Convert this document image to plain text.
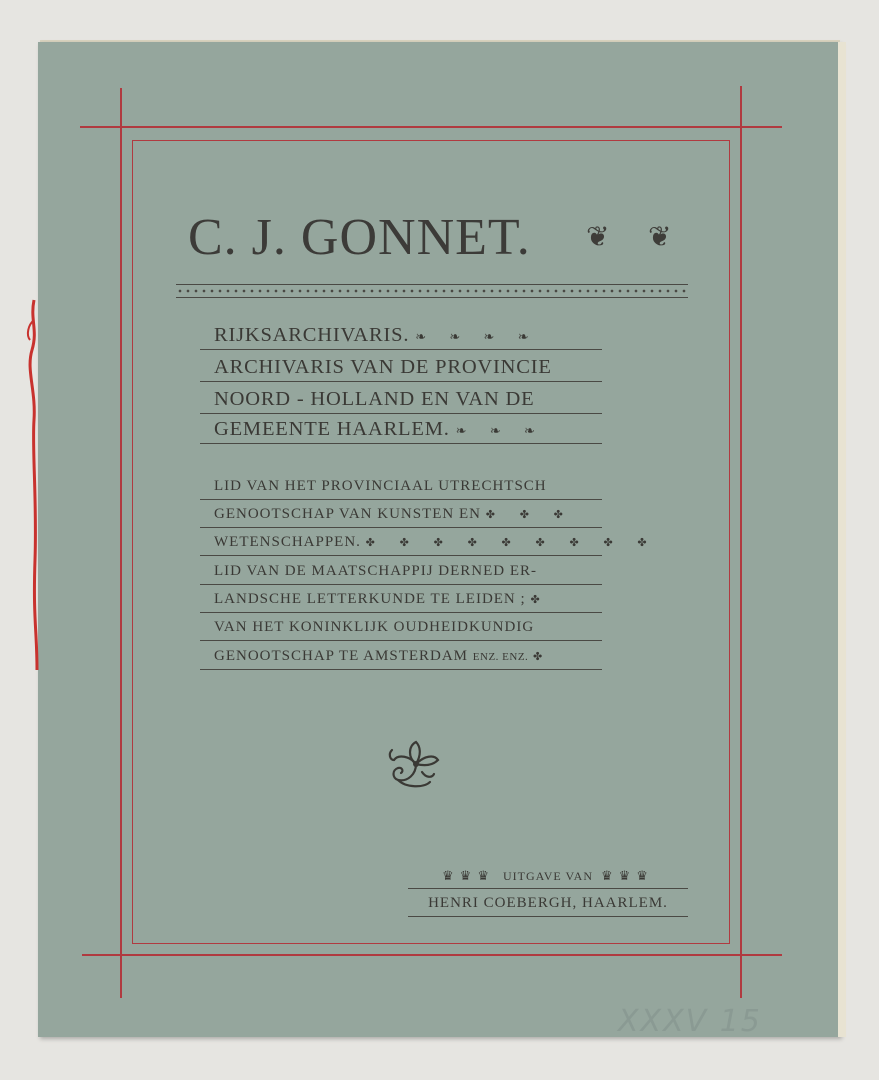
C. J. GONNET.	❦ ❦
RIJKSARCHIVARIS. ❧ ❧ ❧ ❧
ARCHIVARIS VAN DE PROVINCIE
NOORD - HOLLAND EN VAN DE
GEMEENTE HAARLEM. ❧ ❧ ❧
LID VAN HET PROVINCIAAL UTRECHTSCH
GENOOTSCHAP VAN KUNSTEN EN ✤ ✤ ✤
WETENSCHAPPEN. ✤ ✤ ✤ ✤ ✤ ✤ ✤ ✤ ✤
LID VAN DE MAATSCHAPPIJ DERNED ER-
LANDSCHE LETTERKUNDE TE LEIDEN ; ✤
VAN HET KONINKLIJK OUDHEIDKUNDIG
GENOOTSCHAP TE AMSTERDAM ENZ. ENZ. ✤
♛♛♛ UITGAVE VAN ♛♛♛
HENRI COEBERGH, HAARLEM.
XXXV 15
